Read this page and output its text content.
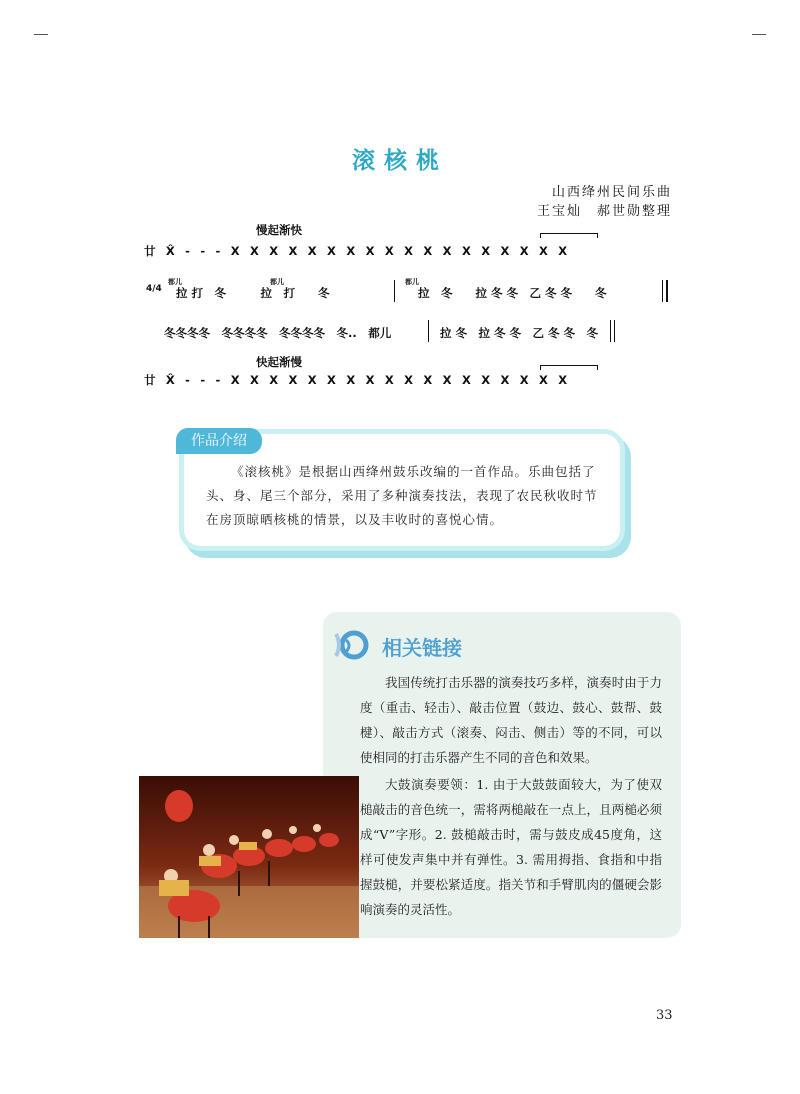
滚核桃
山西绛州民间乐曲
王宝灿　郝世勋整理
慢起渐快
廿 X̂ - - - X X X X X X X X X X X X X X X X X X
4/4
都儿	都儿
拉 打　冬　　　拉　打　　冬
都儿
拉　冬　　拉 冬 冬　乙 冬 冬　　冬
冬冬冬冬　冬冬冬冬　冬冬冬冬　冬..　都儿	拉 冬　拉 冬 冬　乙 冬 冬　冬
快起渐慢
廿 X̂ - - - X X X X X X X X X X X X X X X X X X
作品介绍

《滚核桃》是根据山西绛州鼓乐改编的一首作品。乐曲包括了头、身、尾三个部分，采用了多种演奏技法，表现了农民秋收时节在房顶晾晒核桃的情景，以及丰收时的喜悦心情。

相关链接

我国传统打击乐器的演奏技巧多样，演奏时由于力度（重击、轻击）、敲击位置（鼓边、鼓心、鼓帮、鼓楗）、敲击方式（滚奏、闷击、侧击）等的不同，可以使相同的打击乐器产生不同的音色和效果。

大鼓演奏要领：1. 由于大鼓鼓面较大，为了使双槌敲击的音色统一，需将两槌敲在一点上，且两槌必须成“V”字形。2. 鼓槌敲击时，需与鼓皮成45度角，这样可使发声集中并有弹性。3. 需用拇指、食指和中指握鼓槌，并要松紧适度。指关节和手臂肌肉的僵硬会影响演奏的灵活性。

33
